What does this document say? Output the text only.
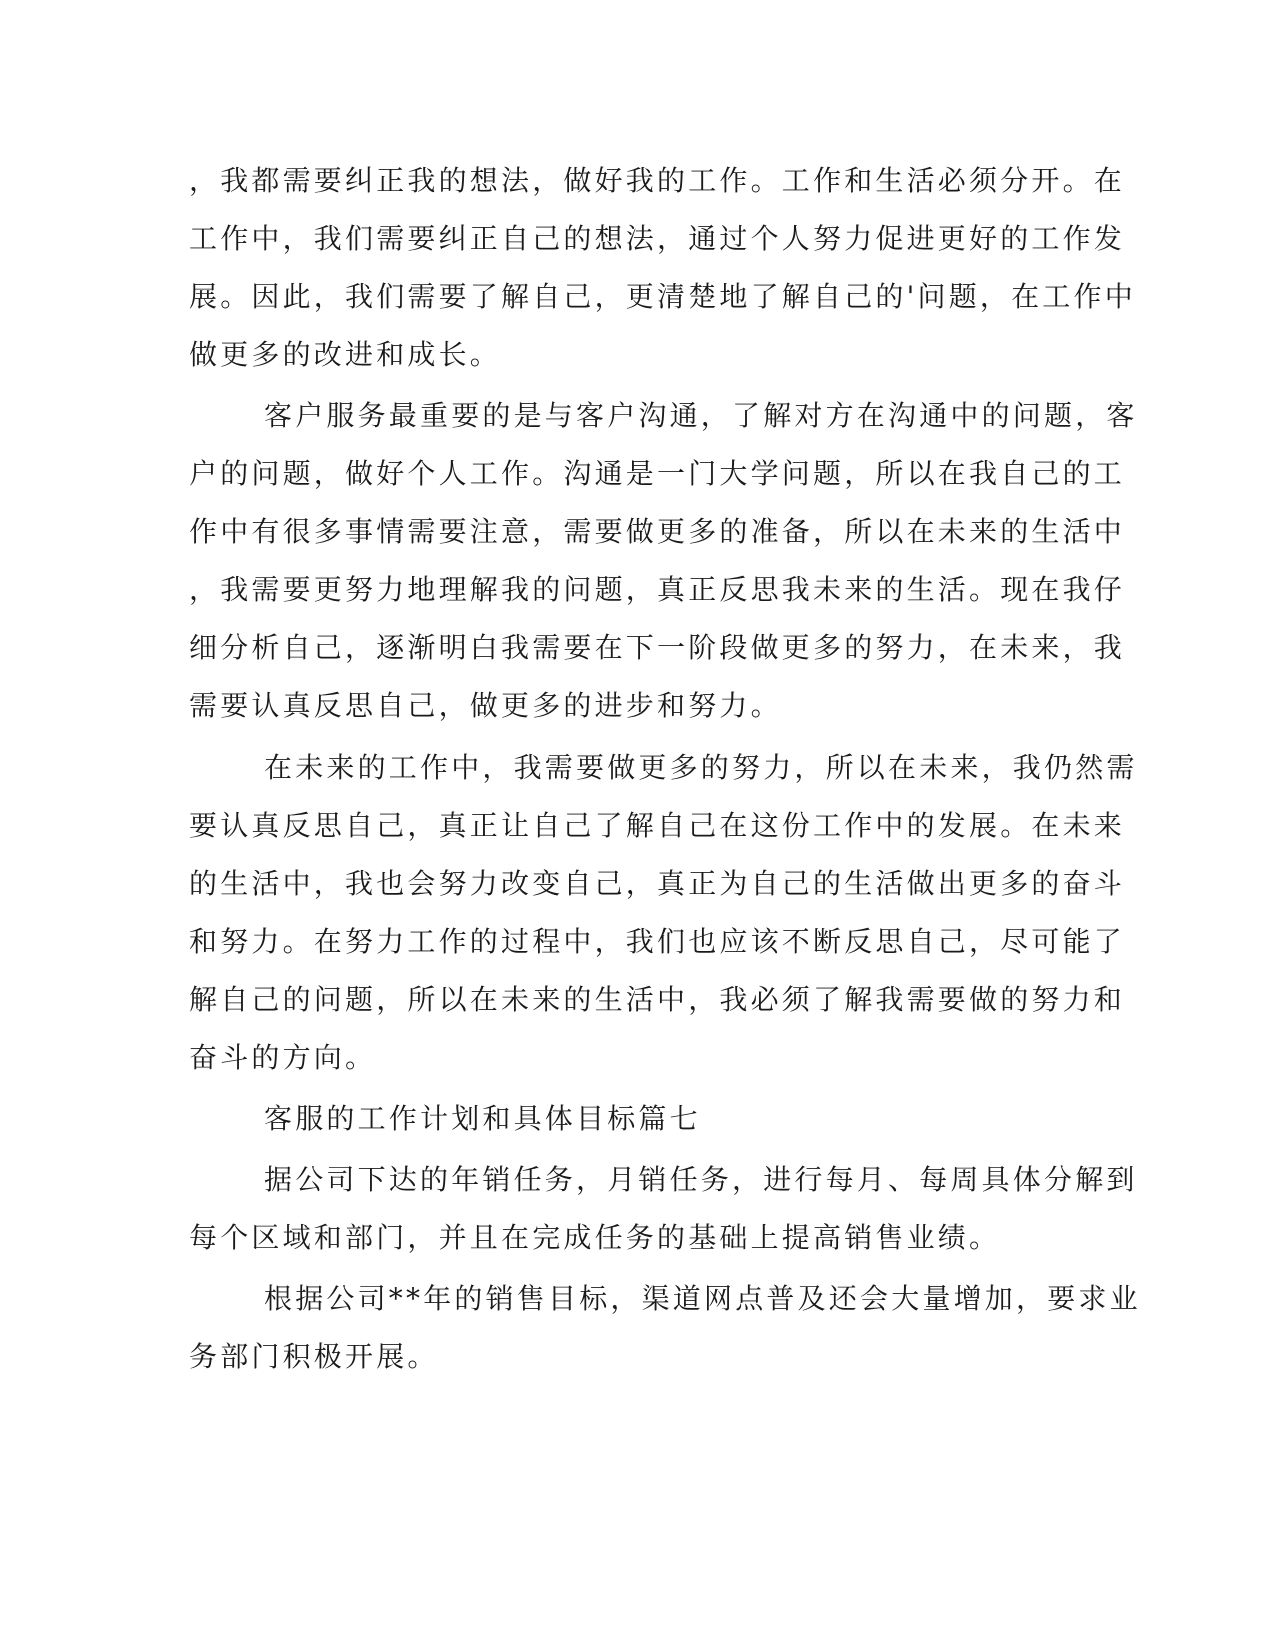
，我都需要纠正我的想法，做好我的工作。工作和生活必须分开。在
工作中，我们需要纠正自己的想法，通过个人努力促进更好的工作发
展。因此，我们需要了解自己，更清楚地了解自己的'问题，在工作中
做更多的改进和成长。
客户服务最重要的是与客户沟通，了解对方在沟通中的问题，客
户的问题，做好个人工作。沟通是一门大学问题，所以在我自己的工
作中有很多事情需要注意，需要做更多的准备，所以在未来的生活中
，我需要更努力地理解我的问题，真正反思我未来的生活。现在我仔
细分析自己，逐渐明白我需要在下一阶段做更多的努力，在未来，我
需要认真反思自己，做更多的进步和努力。
在未来的工作中，我需要做更多的努力，所以在未来，我仍然需
要认真反思自己，真正让自己了解自己在这份工作中的发展。在未来
的生活中，我也会努力改变自己，真正为自己的生活做出更多的奋斗
和努力。在努力工作的过程中，我们也应该不断反思自己，尽可能了
解自己的问题，所以在未来的生活中，我必须了解我需要做的努力和
奋斗的方向。
客服的工作计划和具体目标篇七
据公司下达的年销任务，月销任务，进行每月、每周具体分解到
每个区域和部门，并且在完成任务的基础上提高销售业绩。
根据公司**年的销售目标，渠道网点普及还会大量增加，要求业
务部门积极开展。
